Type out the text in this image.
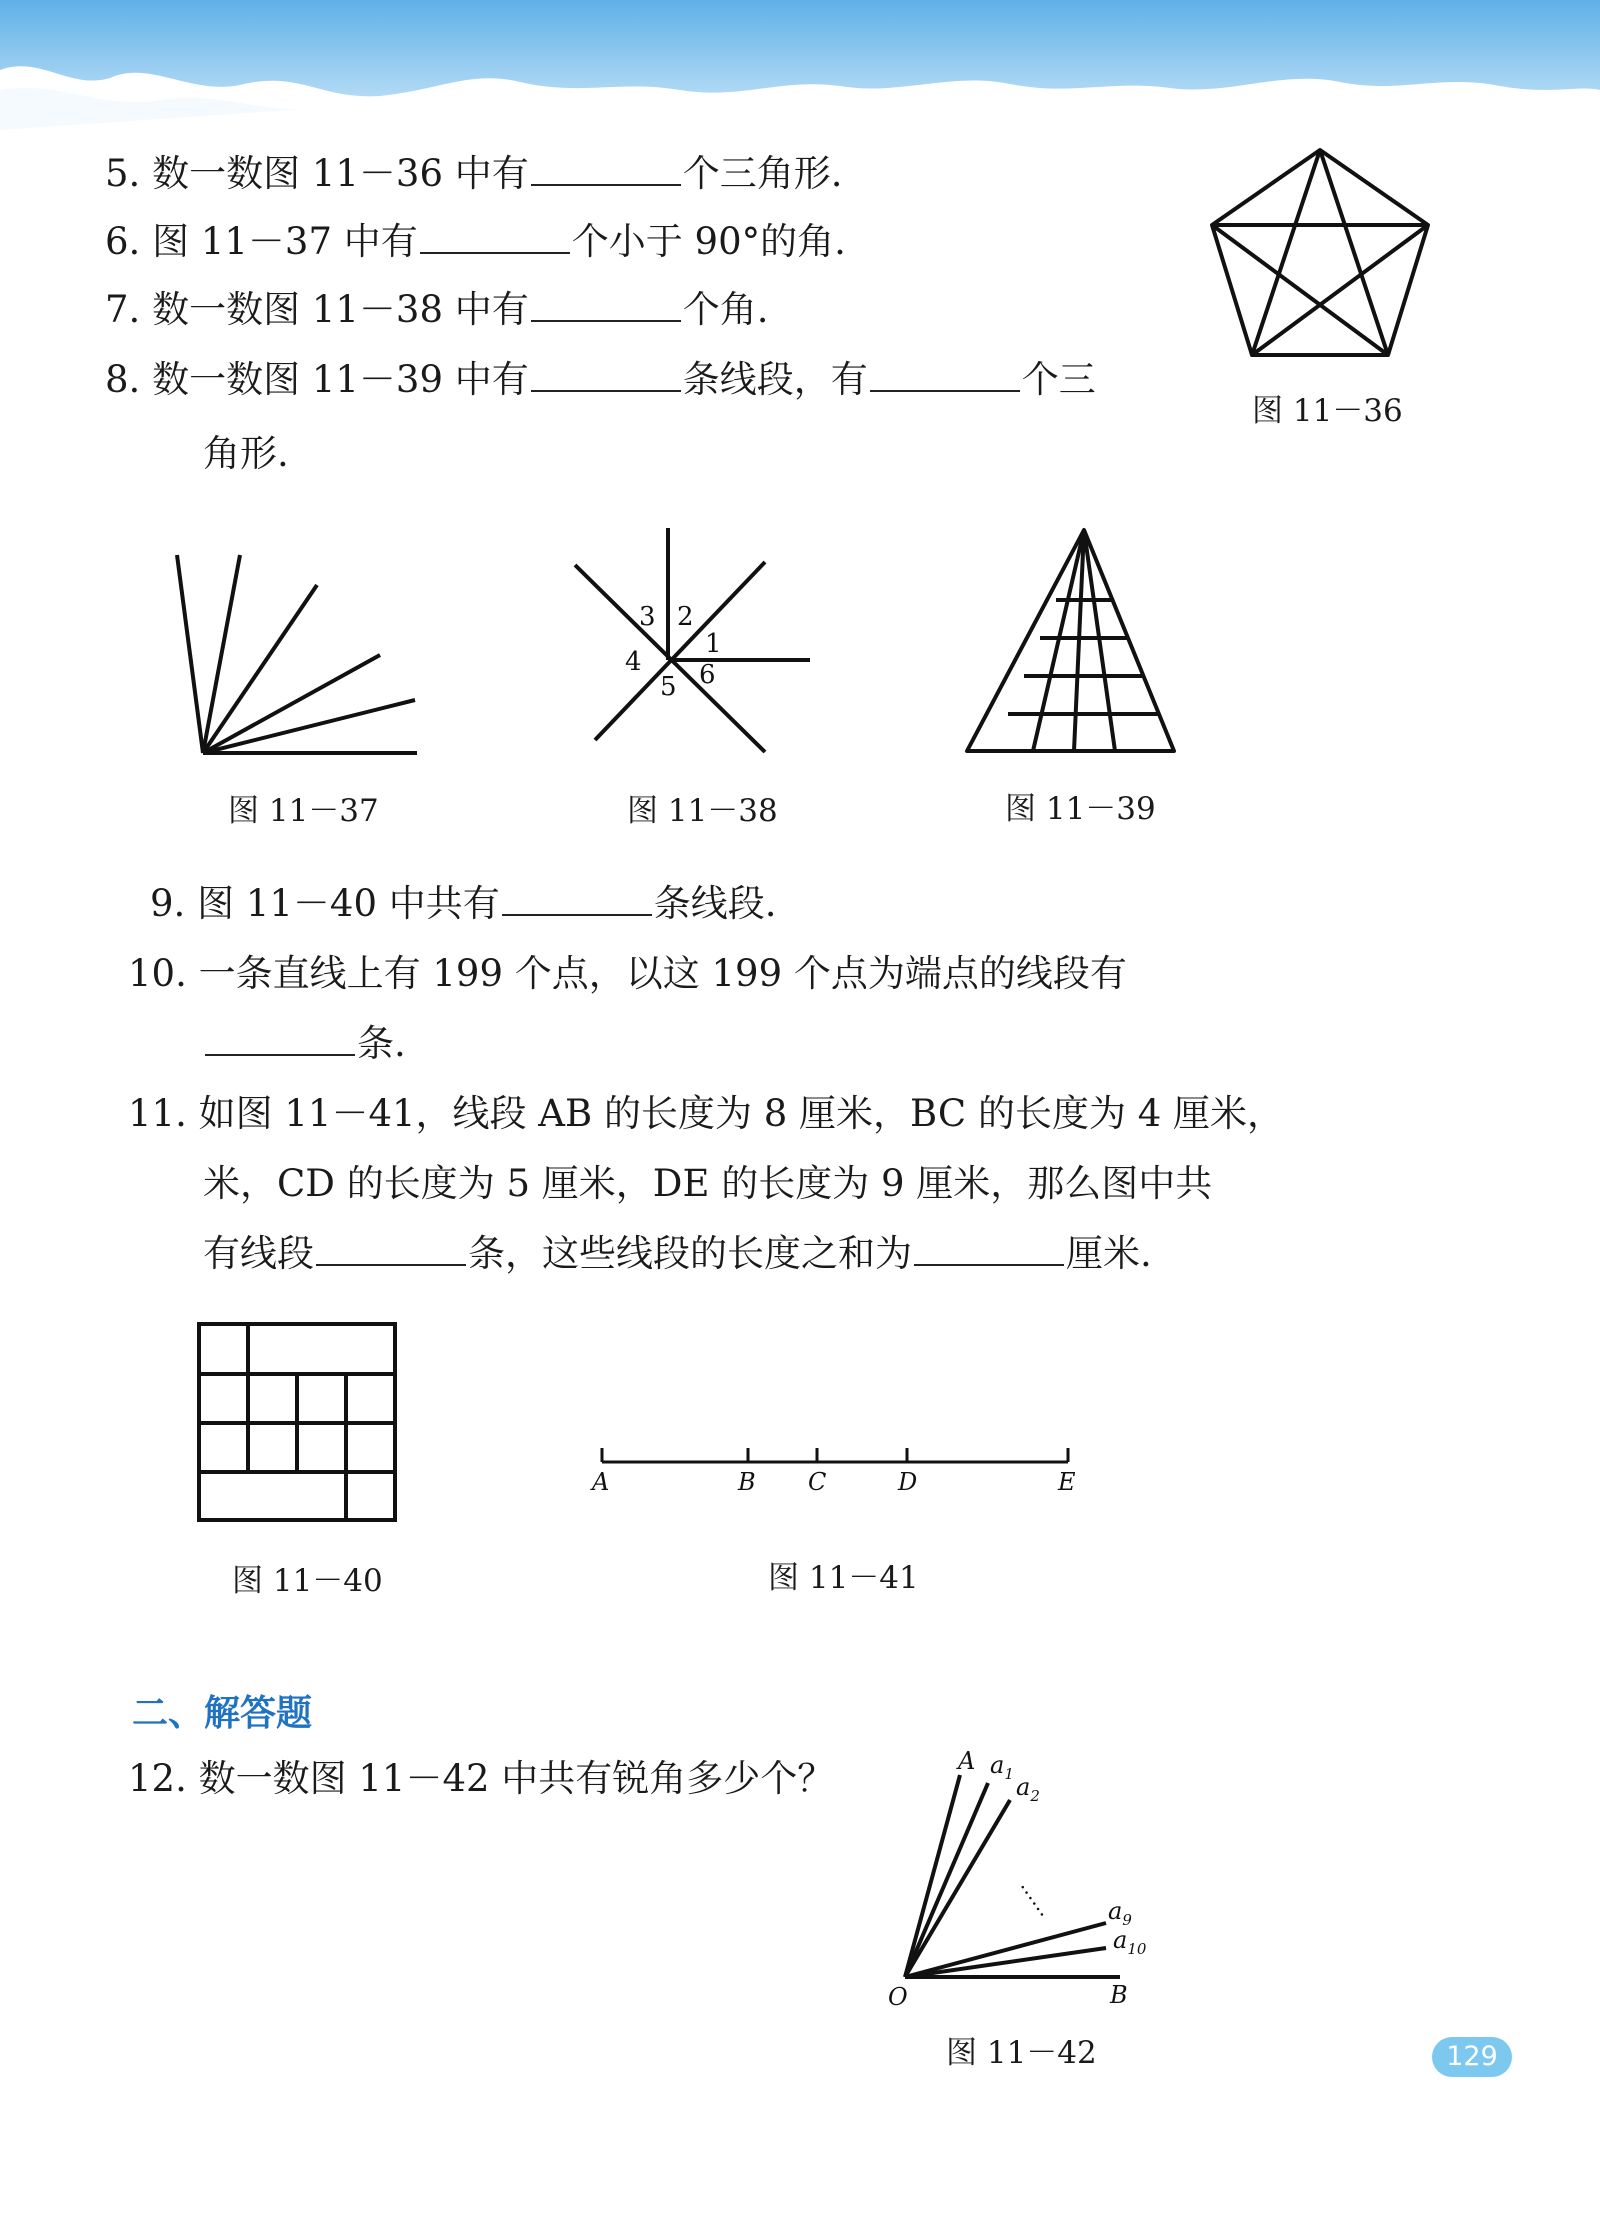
5. 数一数图 11－36 中有	个三角形.
6. 图 11－37 中有	个小于 90°的角.
7. 数一数图 11－38 中有	个角.
8. 数一数图 11－39 中有	条线段，有	个三
角形.
图 11－36
图 11－37
3 2
1
4
5 6
图 11－38	图 11－39
9. 图 11－40 中共有	条线段.
10. 一条直线上有 199 个点，以这 199 个点为端点的线段有
条.
11. 如图 11－41，线段 AB 的长度为 8 厘米，BC 的长度为 4 厘米，
米，CD 的长度为 5 厘米，DE 的长度为 9 厘米，那么图中共
有线段	条，这些线段的长度之和为	厘米.
图 11－40
A	B C	D	E
图 11－41
二、解答题
12. 数一数图 11－42 中共有锐角多少个？	A $a_1$ $a_2$
…… $a_9$
$a_{10}$
O	B
图 11－42	129
